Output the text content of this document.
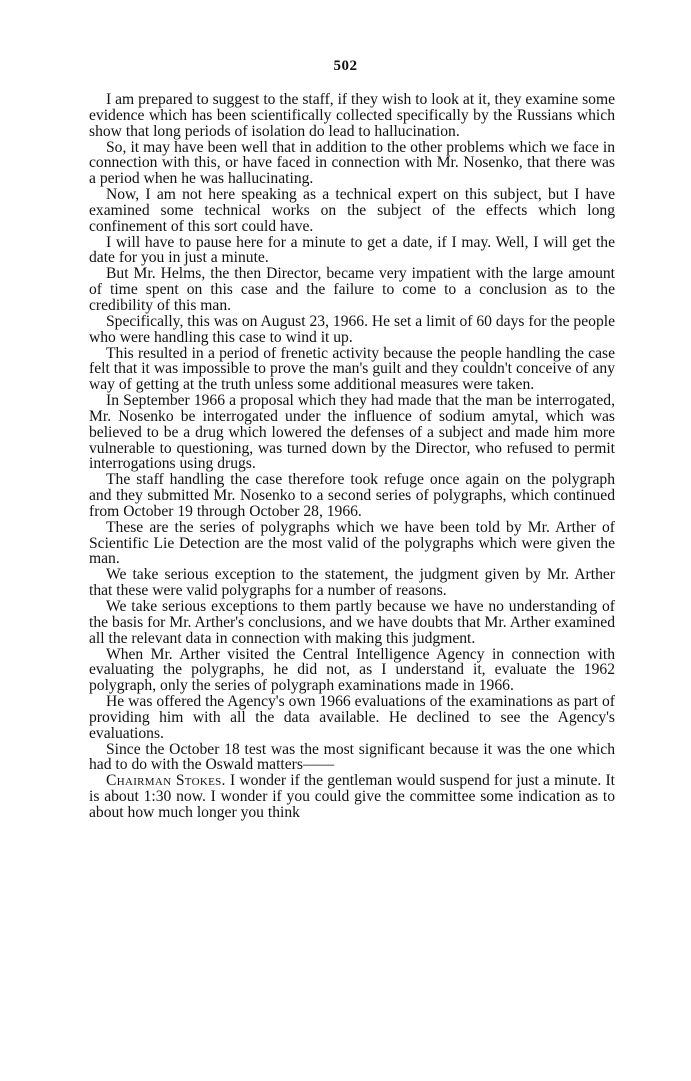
502

I am prepared to suggest to the staff, if they wish to look at it, they examine some evidence which has been scientifically collected specifically by the Russians which show that long periods of isolation do lead to hallucination.

So, it may have been well that in addition to the other problems which we face in connection with this, or have faced in connection with Mr. Nosenko, that there was a period when he was hallucinating.

Now, I am not here speaking as a technical expert on this subject, but I have examined some technical works on the subject of the effects which long confinement of this sort could have.

I will have to pause here for a minute to get a date, if I may. Well, I will get the date for you in just a minute.

But Mr. Helms, the then Director, became very impatient with the large amount of time spent on this case and the failure to come to a conclusion as to the credibility of this man.

Specifically, this was on August 23, 1966. He set a limit of 60 days for the people who were handling this case to wind it up.

This resulted in a period of frenetic activity because the people handling the case felt that it was impossible to prove the man's guilt and they couldn't conceive of any way of getting at the truth unless some additional measures were taken.

In September 1966 a proposal which they had made that the man be interrogated, Mr. Nosenko be interrogated under the influence of sodium amytal, which was believed to be a drug which lowered the defenses of a subject and made him more vulnerable to questioning, was turned down by the Director, who refused to permit interrogations using drugs.

The staff handling the case therefore took refuge once again on the polygraph and they submitted Mr. Nosenko to a second series of polygraphs, which continued from October 19 through October 28, 1966.

These are the series of polygraphs which we have been told by Mr. Arther of Scientific Lie Detection are the most valid of the polygraphs which were given the man.

We take serious exception to the statement, the judgment given by Mr. Arther that these were valid polygraphs for a number of reasons.

We take serious exceptions to them partly because we have no understanding of the basis for Mr. Arther's conclusions, and we have doubts that Mr. Arther examined all the relevant data in connection with making this judgment.

When Mr. Arther visited the Central Intelligence Agency in connection with evaluating the polygraphs, he did not, as I understand it, evaluate the 1962 polygraph, only the series of polygraph examinations made in 1966.

He was offered the Agency's own 1966 evaluations of the examinations as part of providing him with all the data available. He declined to see the Agency's evaluations.

Since the October 18 test was the most significant because it was the one which had to do with the Oswald matters——

Chairman Stokes. I wonder if the gentleman would suspend for just a minute. It is about 1:30 now. I wonder if you could give the committee some indication as to about how much longer you think
